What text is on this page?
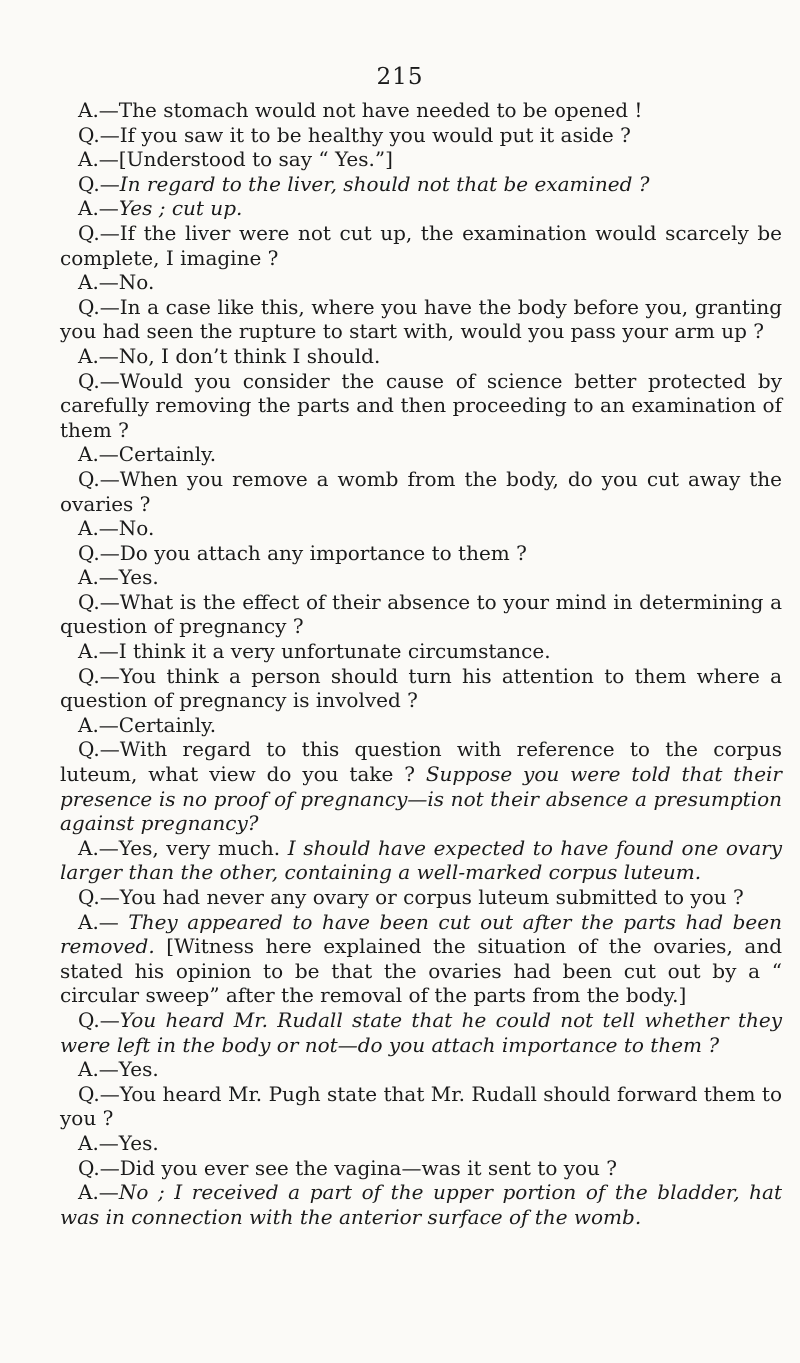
215

A.—The stomach would not have needed to be opened !

Q.—If you saw it to be healthy you would put it aside ?

A.—[Understood to say “ Yes.”]

Q.—In regard to the liver, should not that be examined ?

A.—Yes ; cut up.

Q.—If the liver were not cut up, the examination would scarcely be complete, I imagine ?

A.—No.

Q.—In a case like this, where you have the body before you, granting you had seen the rupture to start with, would you pass your arm up ?

A.—No, I don’t think I should.

Q.—Would you consider the cause of science better protected by carefully removing the parts and then proceeding to an examination of them ?

A.—Certainly.

Q.—When you remove a womb from the body, do you cut away the ovaries ?

A.—No.

Q.—Do you attach any importance to them ?

A.—Yes.

Q.—What is the effect of their absence to your mind in determining a question of pregnancy ?

A.—I think it a very unfortunate circumstance.

Q.—You think a person should turn his attention to them where a question of pregnancy is involved ?

A.—Certainly.

Q.—With regard to this question with reference to the corpus luteum, what view do you take ? Suppose you were told that their presence is no proof of pregnancy—is not their absence a presumption against pregnancy?

A.—Yes, very much. I should have expected to have found one ovary larger than the other, containing a well-marked corpus luteum.

Q.—You had never any ovary or corpus luteum submitted to you ?

A.— They appeared to have been cut out after the parts had been removed. [Witness here explained the situation of the ovaries, and stated his opinion to be that the ovaries had been cut out by a “ circular sweep” after the removal of the parts from the body.]

Q.—You heard Mr. Rudall state that he could not tell whether they were left in the body or not—do you attach importance to them ?

A.—Yes.

Q.—You heard Mr. Pugh state that Mr. Rudall should forward them to you ?

A.—Yes.

Q.—Did you ever see the vagina—was it sent to you ?

A.—No ; I received a part of the upper portion of the bladder, hat was in connection with the anterior surface of the womb.
